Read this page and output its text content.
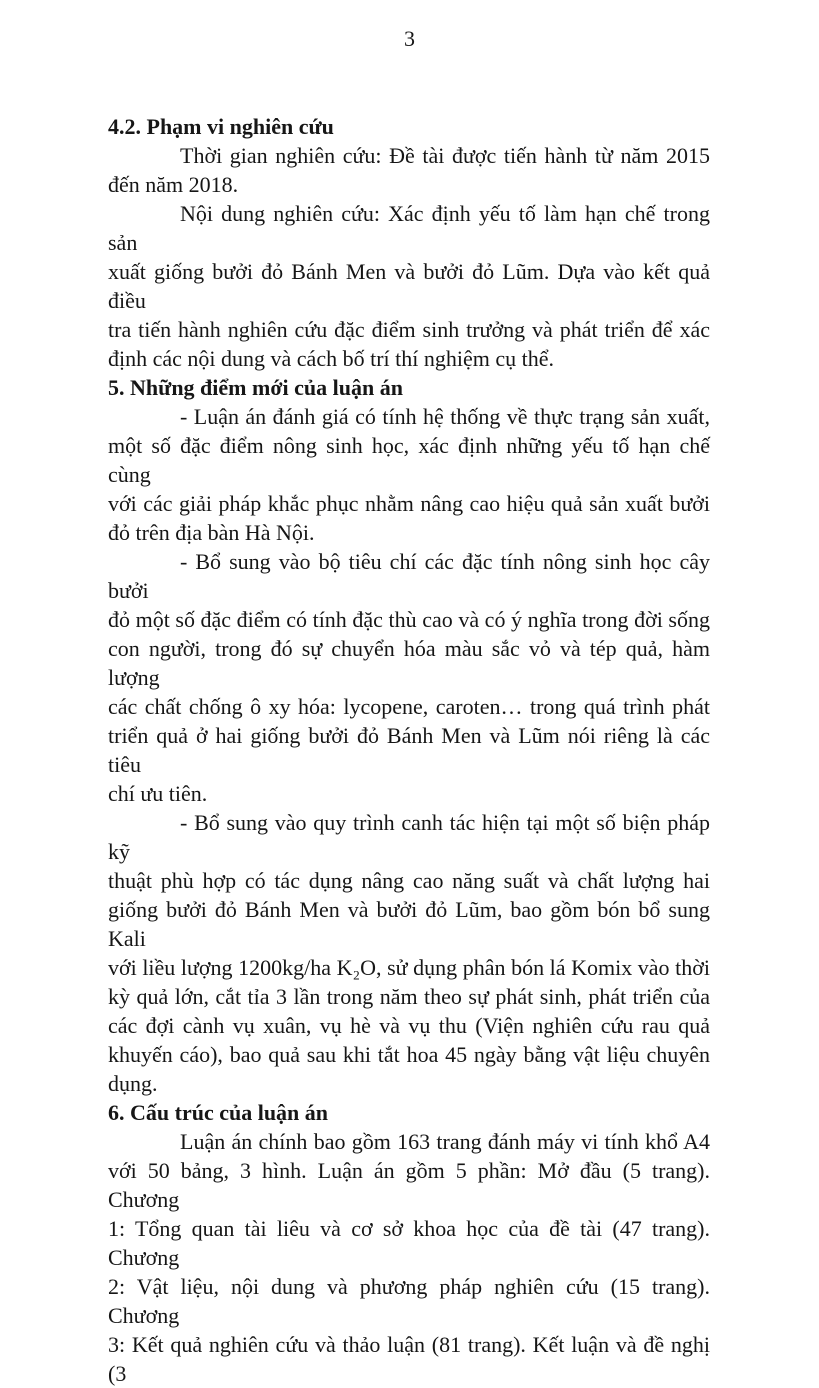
3
4.2. Phạm vi nghiên cứu
Thời gian nghiên cứu: Đề tài được tiến hành từ năm 2015
đến năm 2018.
Nội dung nghiên cứu: Xác định yếu tố làm hạn chế trong sản
xuất giống bưởi đỏ Bánh Men và bưởi đỏ Lũm. Dựa vào kết quả điều
tra tiến hành nghiên cứu đặc điểm sinh trưởng và phát triển để xác
định các nội dung và cách bố trí thí nghiệm cụ thể.
5. Những điểm mới của luận án
- Luận án đánh giá có tính hệ thống về thực trạng sản xuất,
một số đặc điểm nông sinh học, xác định những yếu tố hạn chế cùng
với các giải pháp khắc phục nhằm nâng cao hiệu quả sản xuất bưởi
đỏ trên địa bàn Hà Nội.
- Bổ sung vào bộ tiêu chí các đặc tính nông sinh học cây bưởi
đỏ một số đặc điểm có tính đặc thù cao và có ý nghĩa trong đời sống
con người, trong đó sự chuyển hóa màu sắc vỏ và tép quả, hàm lượng
các chất chống ô xy hóa: lycopene, caroten… trong quá trình phát
triển quả ở hai giống bưởi đỏ Bánh Men và Lũm nói riêng là các tiêu
chí ưu tiên.
- Bổ sung vào quy trình canh tác hiện tại một số biện pháp kỹ
thuật phù hợp có tác dụng nâng cao năng suất và chất lượng hai
giống bưởi đỏ Bánh Men và bưởi đỏ Lũm, bao gồm bón bổ sung Kali
với liều lượng 1200kg/ha K₂O, sử dụng phân bón lá Komix vào thời
kỳ quả lớn, cắt tỉa 3 lần trong năm theo sự phát sinh, phát triển của
các đợi cành vụ xuân, vụ hè và vụ thu (Viện nghiên cứu rau quả
khuyến cáo), bao quả sau khi tắt hoa 45 ngày bằng vật liệu chuyên
dụng.
6. Cấu trúc của luận án
Luận án chính bao gồm 163 trang đánh máy vi tính khổ A4
với 50 bảng, 3 hình. Luận án gồm 5 phần: Mở đầu (5 trang). Chương
1: Tổng quan tài liêu và cơ sở khoa học của đề tài (47 trang). Chương
2: Vật liệu, nội dung và phương pháp nghiên cứu (15 trang). Chương
3: Kết quả nghiên cứu và thảo luận (81 trang). Kết luận và đề nghị (3
